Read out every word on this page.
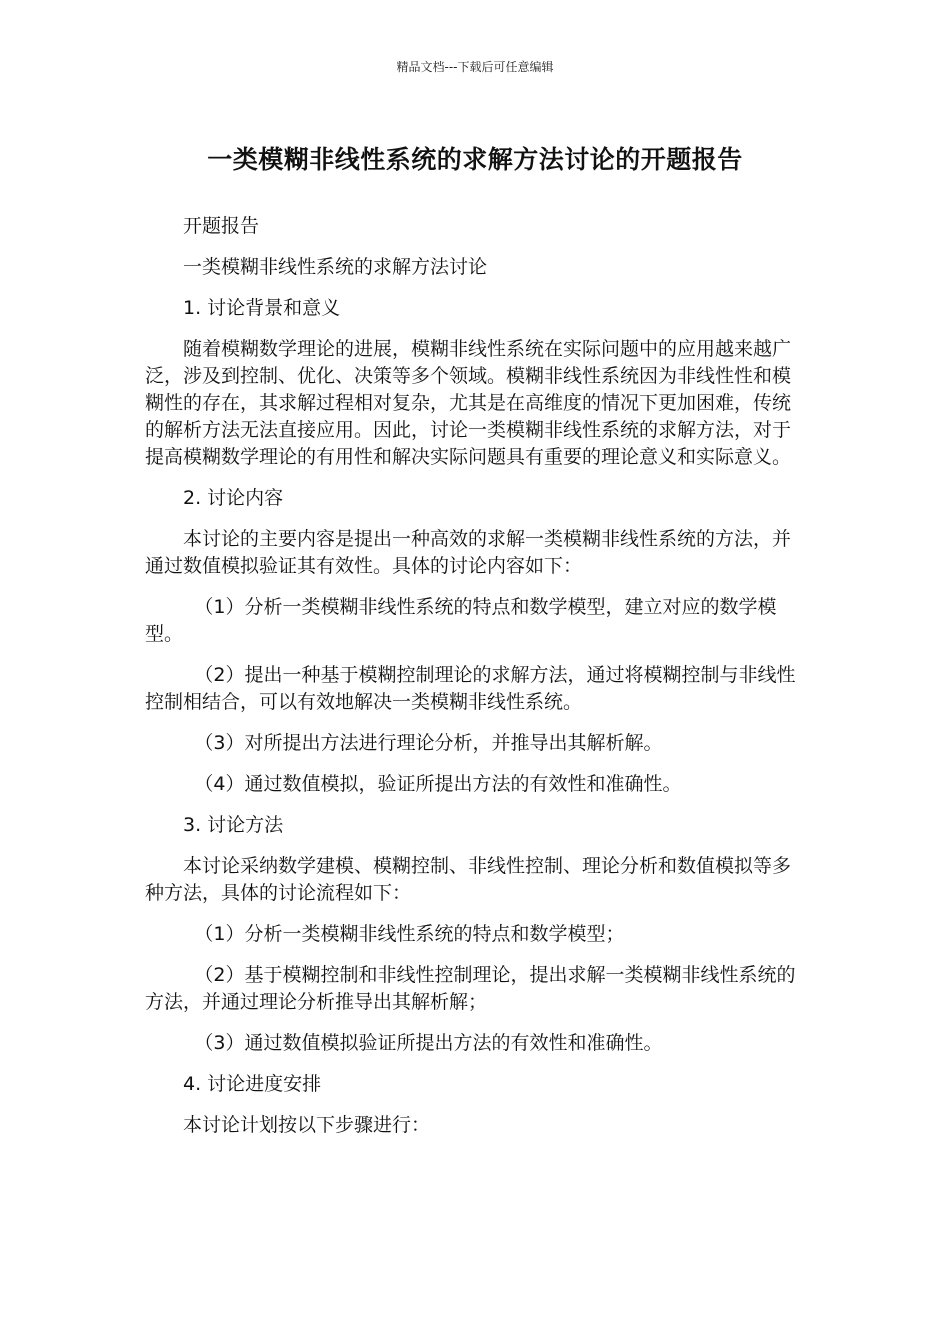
精品文档---下载后可任意编辑
一类模糊非线性系统的求解方法讨论的开题报告

开题报告

一类模糊非线性系统的求解方法讨论

1. 讨论背景和意义

随着模糊数学理论的进展，模糊非线性系统在实际问题中的应用越来越广泛，涉及到控制、优化、决策等多个领域。模糊非线性系统因为非线性性和模糊性的存在，其求解过程相对复杂，尤其是在高维度的情况下更加困难，传统的解析方法无法直接应用。因此，讨论一类模糊非线性系统的求解方法，对于提高模糊数学理论的有用性和解决实际问题具有重要的理论意义和实际意义。

2. 讨论内容

本讨论的主要内容是提出一种高效的求解一类模糊非线性系统的方法，并通过数值模拟验证其有效性。具体的讨论内容如下：

（1）分析一类模糊非线性系统的特点和数学模型，建立对应的数学模型。

（2）提出一种基于模糊控制理论的求解方法，通过将模糊控制与非线性控制相结合，可以有效地解决一类模糊非线性系统。

（3）对所提出方法进行理论分析，并推导出其解析解。

（4）通过数值模拟，验证所提出方法的有效性和准确性。

3. 讨论方法

本讨论采纳数学建模、模糊控制、非线性控制、理论分析和数值模拟等多种方法，具体的讨论流程如下：

（1）分析一类模糊非线性系统的特点和数学模型；

（2）基于模糊控制和非线性控制理论，提出求解一类模糊非线性系统的方法，并通过理论分析推导出其解析解；

（3）通过数值模拟验证所提出方法的有效性和准确性。

4. 讨论进度安排

本讨论计划按以下步骤进行：
